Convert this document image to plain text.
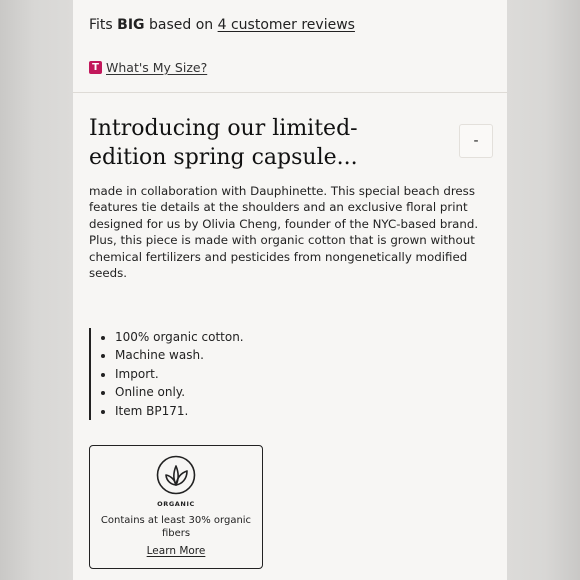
Fits BIG based on 4 customer reviews
T What's My Size?
Introducing our limited-edition spring capsule...
-

made in collaboration with Dauphinette. This special beach dress features tie details at the shoulders and an exclusive floral print designed for us by Olivia Cheng, founder of the NYC-based brand. Plus, this piece is made with organic cotton that is grown without chemical fertilizers and pesticides from nongenetically modified seeds.

• 100% organic cotton.
• Machine wash.
• Import.
• Online only.
• Item BP171.
ORGANIC
Contains at least 30% organic fibers
Learn More
